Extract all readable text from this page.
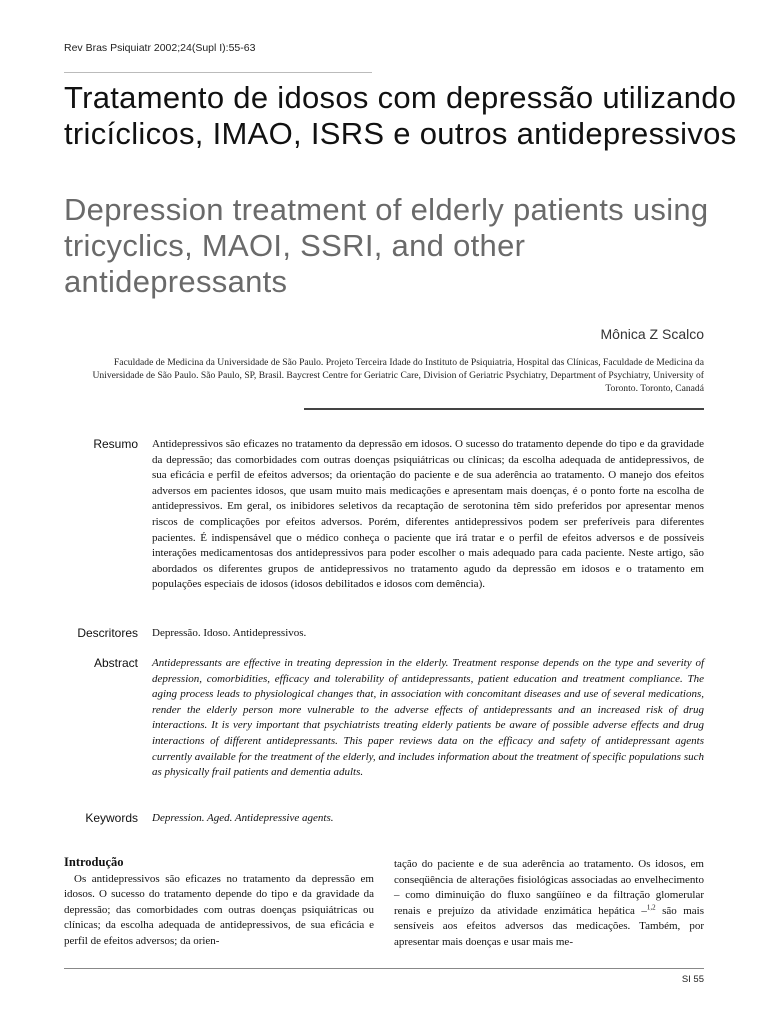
Rev Bras Psiquiatr 2002;24(Supl I):55-63
Tratamento de idosos com depressão utilizando tricíclicos, IMAO, ISRS e outros antidepressivos
Depression treatment of elderly patients using tricyclics, MAOI, SSRI, and other antidepressants
Mônica Z Scalco
Faculdade de Medicina da Universidade de São Paulo. Projeto Terceira Idade do Instituto de Psiquiatria, Hospital das Clínicas, Faculdade de Medicina da Universidade de São Paulo. São Paulo, SP, Brasil. Baycrest Centre for Geriatric Care, Division of Geriatric Psychiatry, Department of Psychiatry, University of Toronto. Toronto, Canadá
Resumo	Antidepressivos são eficazes no tratamento da depressão em idosos. O sucesso do tratamento depende do tipo e da gravidade da depressão; das comorbidades com outras doenças psiquiátricas ou clínicas; da escolha adequada de antidepressivos, de sua eficácia e perfil de efeitos adversos; da orientação do paciente e de sua aderência ao tratamento. O manejo dos efeitos adversos em pacientes idosos, que usam muito mais medicações e apresentam mais doenças, é o ponto forte na escolha de antidepressivos. Em geral, os inibidores seletivos da recaptação de serotonina têm sido preferidos por apresentar menos riscos de complicações por efeitos adversos. Porém, diferentes antidepressivos podem ser preferíveis para diferentes pacientes. É indispensável que o médico conheça o paciente que irá tratar e o perfil de efeitos adversos e de possíveis interações medicamentosas dos antidepressivos para poder escolher o mais adequado para cada paciente. Neste artigo, são abordados os diferentes grupos de antidepressivos no tratamento agudo da depressão em idosos e o tratamento em populações especiais de idosos (idosos debilitados e idosos com demência).
Descritores	Depressão. Idoso. Antidepressivos.
Abstract	Antidepressants are effective in treating depression in the elderly. Treatment response depends on the type and severity of depression, comorbidities, efficacy and tolerability of antidepressants, patient education and treatment compliance. The aging process leads to physiological changes that, in association with concomitant diseases and use of several medications, render the elderly person more vulnerable to the adverse effects of antidepressants and an increased risk of drug interactions. It is very important that psychiatrists treating elderly patients be aware of possible adverse effects and drug interactions of different antidepressants. This paper reviews data on the efficacy and safety of antidepressant agents currently available for the treatment of the elderly, and includes information about the treatment of specific populations such as physically frail patients and dementia adults.
Keywords	Depression. Aged. Antidepressive agents.
Introdução
Os antidepressivos são eficazes no tratamento da depressão em idosos. O sucesso do tratamento depende do tipo e da gravidade da depressão; das comorbidades com outras doenças psiquiátricas ou clínicas; da escolha adequada de antidepressivos, de sua eficácia e perfil de efeitos adversos; da orien-
tação do paciente e de sua aderência ao tratamento. Os idosos, em conseqüência de alterações fisiológicas associadas ao envelhecimento – como diminuição do fluxo sangüíneo e da filtração glomerular renais e prejuízo da atividade enzimática hepática –$^{1,2}$ são mais sensíveis aos efeitos adversos das medicações. Também, por apresentar mais doenças e usar mais me-
SI 55
